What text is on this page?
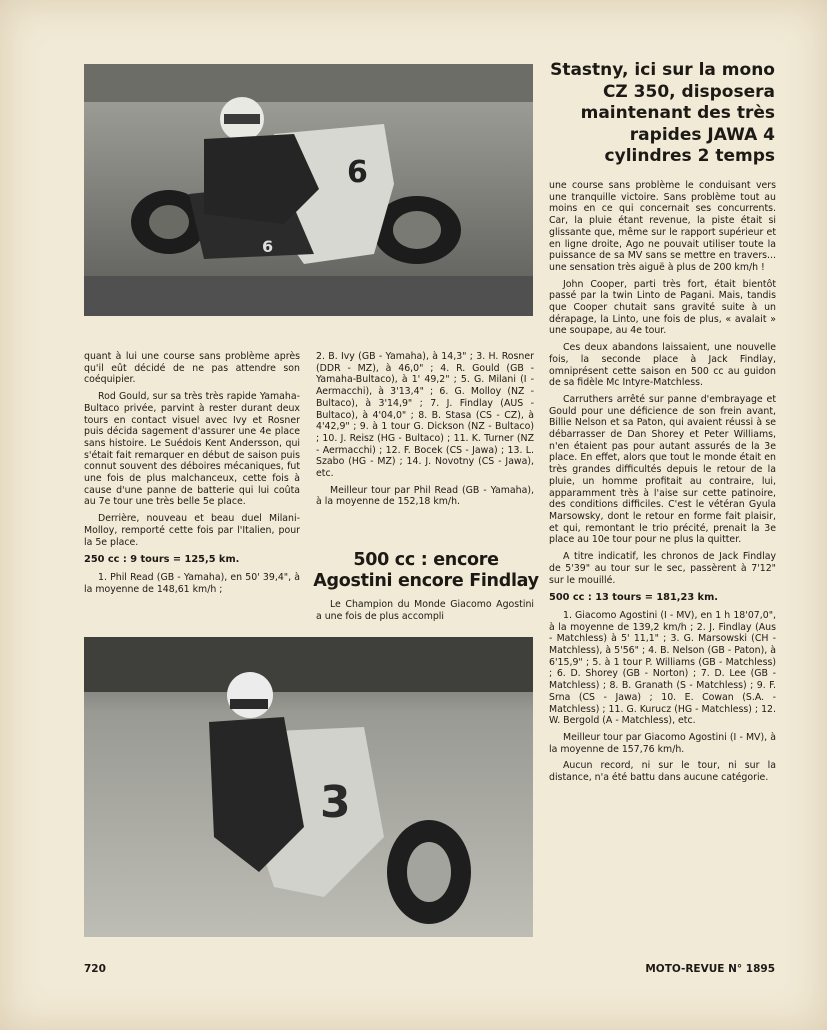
6
6
3
Stastny, ici sur la mono CZ 350, disposera maintenant des très rapides JAWA 4 cylindres 2 temps

quant à lui une course sans problème après qu'il eût décidé de ne pas attendre son coéquipier.

Rod Gould, sur sa très très rapide Yamaha-Bultaco privée, parvint à rester durant deux tours en contact visuel avec Ivy et Rosner puis décida sagement d'assurer une 4e place sans histoire. Le Suédois Kent Andersson, qui s'était fait remarquer en début de saison puis connut souvent des déboires mécaniques, fut une fois de plus malchanceux, cette fois à cause d'une panne de batterie qui lui coûta au 7e tour une très belle 5e place.

Derrière, nouveau et beau duel Milani-Molloy, remporté cette fois par l'Italien, pour la 5e place.

250 cc : 9 tours = 125,5 km.

1. Phil Read (GB - Yamaha), en 50' 39,4", à la moyenne de 148,61 km/h ;

2. B. Ivy (GB - Yamaha), à 14,3" ; 3. H. Rosner (DDR - MZ), à 46,0" ; 4. R. Gould (GB - Yamaha-Bultaco), à 1' 49,2" ; 5. G. Milani (I - Aermacchi), à 3'13,4" ; 6. G. Molloy (NZ - Bultaco), à 3'14,9" ; 7. J. Findlay (AUS - Bultaco), à 4'04,0" ; 8. B. Stasa (CS - CZ), à 4'42,9" ; 9. à 1 tour G. Dickson (NZ - Bultaco) ; 10. J. Reisz (HG - Bultaco) ; 11. K. Turner (NZ - Aermacchi) ; 12. F. Bocek (CS - Jawa) ; 13. L. Szabo (HG - MZ) ; 14. J. Novotny (CS - Jawa), etc.

Meilleur tour par Phil Read (GB - Yamaha), à la moyenne de 152,18 km/h.

500 cc : encore Agostini encore Findlay

Le Champion du Monde Giacomo Agostini a une fois de plus accompli

une course sans problème le conduisant vers une tranquille victoire. Sans problème tout au moins en ce qui concernait ses concurrents. Car, la pluie étant revenue, la piste était si glissante que, même sur le rapport supérieur et en ligne droite, Ago ne pouvait utiliser toute la puissance de sa MV sans se mettre en travers... une sensation très aiguë à plus de 200 km/h !

John Cooper, parti très fort, était bientôt passé par la twin Linto de Pagani. Mais, tandis que Cooper chutait sans gravité suite à un dérapage, la Linto, une fois de plus, « avalait » une soupape, au 4e tour.

Ces deux abandons laissaient, une nouvelle fois, la seconde place à Jack Findlay, omniprésent cette saison en 500 cc au guidon de sa fidèle Mc Intyre-Matchless.

Carruthers arrêté sur panne d'embrayage et Gould pour une déficience de son frein avant, Billie Nelson et sa Paton, qui avaient réussi à se débarrasser de Dan Shorey et Peter Williams, n'en étaient pas pour autant assurés de la 3e place. En effet, alors que tout le monde était en très grandes difficultés depuis le retour de la pluie, un homme profitait au contraire, lui, apparamment très à l'aise sur cette patinoire, des conditions difficiles. C'est le vétéran Gyula Marsowsky, dont le retour en forme fait plaisir, et qui, remontant le trio précité, prenait la 3e place au 10e tour pour ne plus la quitter.

A titre indicatif, les chronos de Jack Findlay de 5'39" au tour sur le sec, passèrent à 7'12" sur le mouillé.

500 cc : 13 tours = 181,23 km.

1. Giacomo Agostini (I - MV), en 1 h 18'07,0", à la moyenne de 139,2 km/h ; 2. J. Findlay (Aus - Matchless) à 5' 11,1" ; 3. G. Marsowski (CH - Matchless), à 5'56" ; 4. B. Nelson (GB - Paton), à 6'15,9" ; 5. à 1 tour P. Williams (GB - Matchless) ; 6. D. Shorey (GB - Norton) ; 7. D. Lee (GB - Matchless) ; 8. B. Granath (S - Matchless) ; 9. F. Srna (CS - Jawa) ; 10. E. Cowan (S.A. - Matchless) ; 11. G. Kurucz (HG - Matchless) ; 12. W. Bergold (A - Matchless), etc.

Meilleur tour par Giacomo Agostini (I - MV), à la moyenne de 157,76 km/h.

Aucun record, ni sur le tour, ni sur la distance, n'a été battu dans aucune catégorie.

720	MOTO-REVUE N° 1895
